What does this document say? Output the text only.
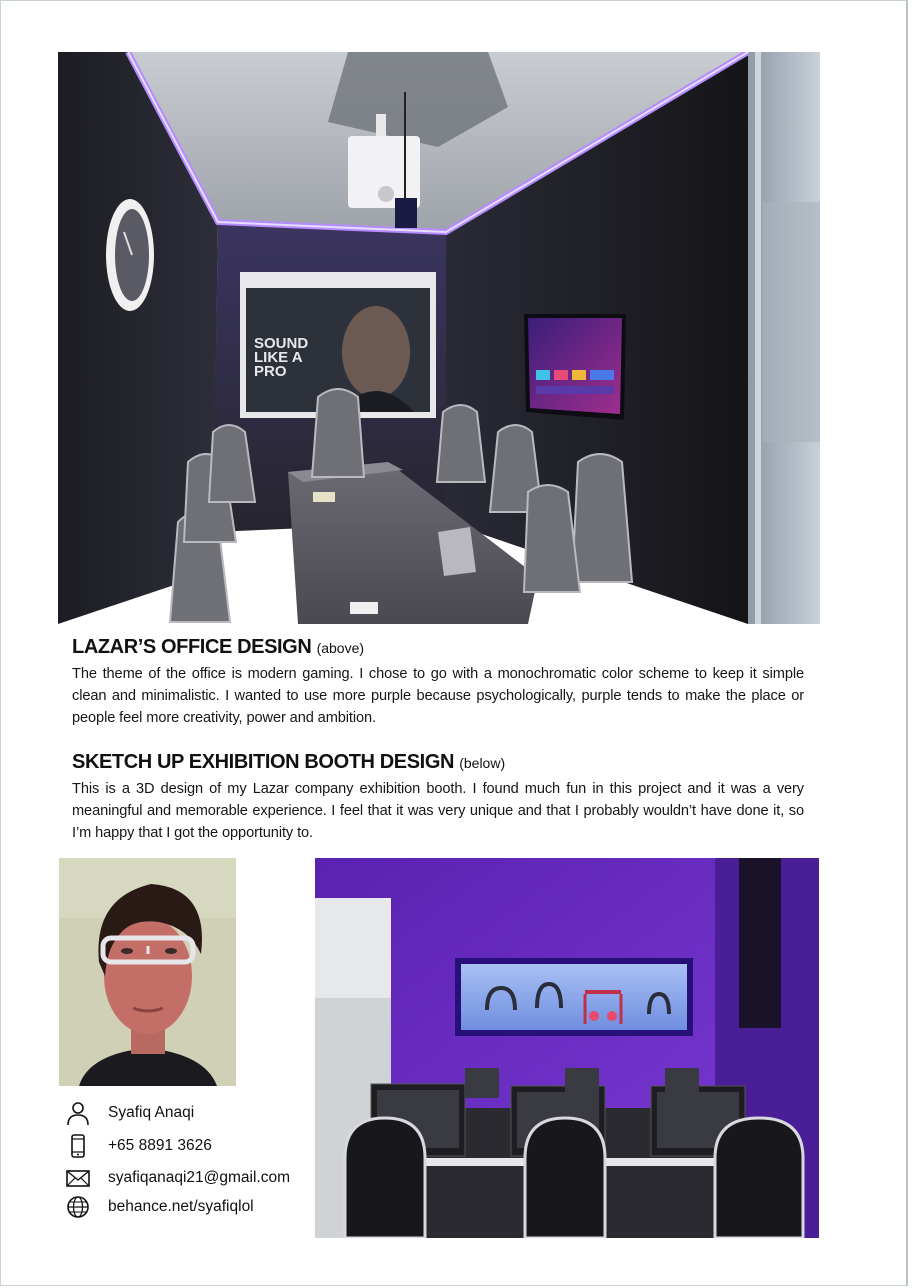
SOUND
LIKE A
PRO
LAZAR’S OFFICE DESIGN (above)

The theme of the office is modern gaming. I chose to go with a monochromatic color scheme to keep it simple clean and minimalistic. I wanted to use more purple because psychologically, purple tends to make the place or people feel more creativity, power and ambition.

SKETCH UP EXHIBITION BOOTH DESIGN (below)

This is a 3D design of my Lazar company exhibition booth. I found much fun in this project and it was a very meaningful and memorable experience. I feel that it was very unique and that I probably wouldn’t have done it, so I’m happy that I got the opportunity to.

Syafiq Anaqi
+65 8891 3626
syafiqanaqi21@gmail.com
behance.net/syafiqlol
